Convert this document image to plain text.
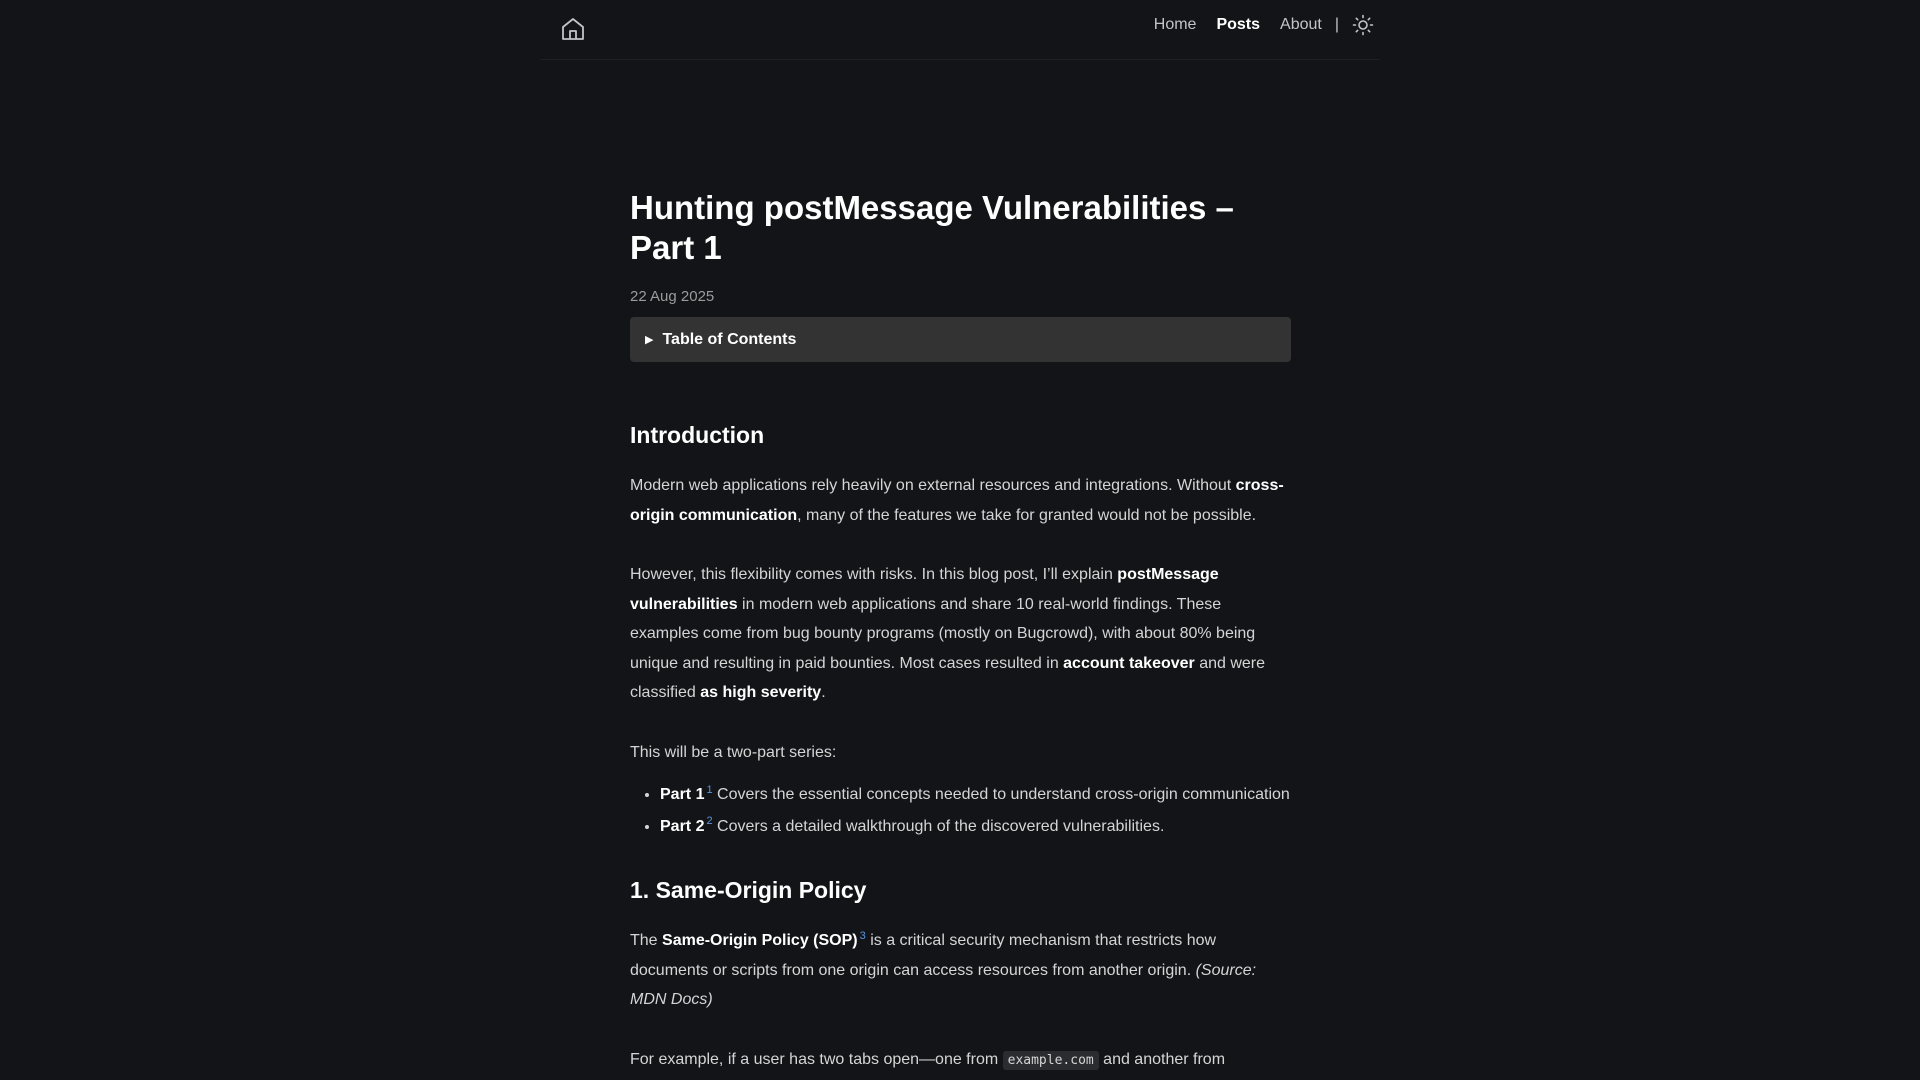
Home Posts About |
Hunting postMessage Vulnerabilities – Part 1
22 Aug 2025
▶ Table of Contents
Introduction

Modern web applications rely heavily on external resources and integrations. Without cross-origin communication, many of the features we take for granted would not be possible.

However, this flexibility comes with risks. In this blog post, I’ll explain postMessage vulnerabilities in modern web applications and share 10 real-world findings. These examples come from bug bounty programs (mostly on Bugcrowd), with about 80% being unique and resulting in paid bounties. Most cases resulted in account takeover and were classified as high severity.

This will be a two-part series:

• Part 1 $^1$ Covers the essential concepts needed to understand cross-origin communication
• Part 2 $^2$ Covers a detailed walkthrough of the discovered vulnerabilities.
1. Same-Origin Policy

The Same-Origin Policy (SOP) $^3$ is a critical security mechanism that restricts how documents or scripts from one origin can access resources from another origin. (Source: MDN Docs)

For example, if a user has two tabs open—one from example.com and another from
